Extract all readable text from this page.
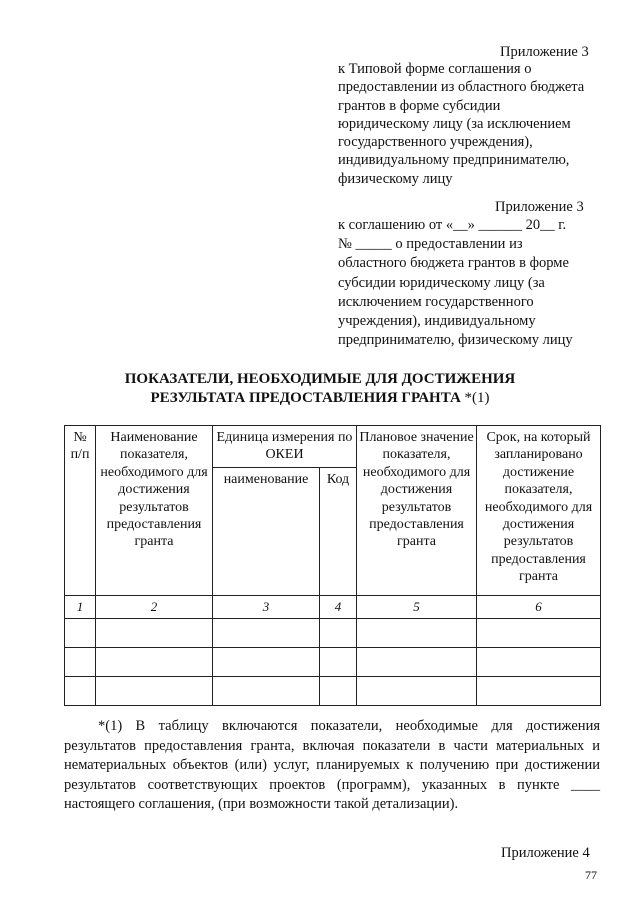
Приложение 3
к Типовой форме соглашения о
предоставлении из областного бюджета
грантов в форме субсидии
юридическому лицу (за исключением
государственного учреждения),
индивидуальному предпринимателю,
физическому лицу
Приложение 3
к соглашению от «__» ______ 20__ г.
№ _____ о предоставлении из
областного бюджета грантов в форме
субсидии юридическому лицу (за
исключением государственного
учреждения), индивидуальному
предпринимателю, физическому лицу
ПОКАЗАТЕЛИ, НЕОБХОДИМЫЕ ДЛЯ ДОСТИЖЕНИЯ
РЕЗУЛЬТАТА ПРЕДОСТАВЛЕНИЯ ГРАНТА *(1)
№ п/п	Наименование показателя, необходимого для достижения результатов предоставления гранта	Единица измерения по ОКЕИ		Плановое значение показателя, необходимого для достижения результатов предоставления гранта	Срок, на который запланировано достижение показателя, необходимого для достижения результатов предоставления гранта
		наименование	Код		
1	2	3	4	5	6

*(1) В таблицу включаются показатели, необходимые для достижения результатов предоставления гранта, включая показатели в части материальных и нематериальных объектов (или) услуг, планируемых к получению при достижении результатов соответствующих проектов (программ), указанных в пункте ____ настоящего соглашения, (при возможности такой детализации).
Приложение 4
77
